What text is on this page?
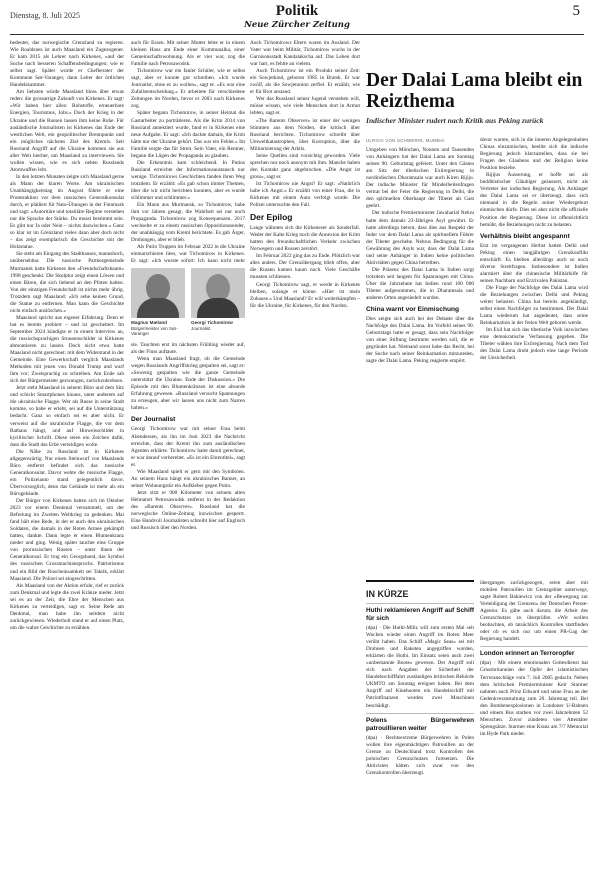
Dienstag, 8. Juli 2025	Politik
Neue Zürcher Zeitung
5

bedeutet, das norwegische Grenzland zu regieren. Wie Roaldsnes ist auch Maasland ein Zugezogener. Er kam 2015 als Lehrer nach Kirkenes, «auf der Suche nach besseren Schaffensbedingungen; wie er selbst sagt. Später wurde er Chefberater der Kommune Sør-Varanger, dann Leiter der örtlichen Handelskammer.

Am liebsten würde Maasland bloss über etwas reden: die grossartige Zukunft von Kirkenes. Er sagt: «Wir haben hier alles: Rohstoffe, erneuerbare Energien, Tourismus, Jobs.» Doch der Krieg in der Ukraine und die Russen lassen ihm keine Ruhe. Für ausländische Journalisten ist Kirkenes das Ende der westlichen Welt, ein geopolitischer Brennpunkt und ein mögliches nächstes Ziel des Kremls. Seit Russland Angriff auf die Ukraine kommen sie aus aller Welt hierher, um Maasland zu interviewen. Sie wollen wissen, wie es sich neben Russlands Atomwaffen lebt.

In den letzten Monaten zeigte sich Maasland gerne als Mann der klaren Worte. Am ukrainischen Unabhängigkeitstag im August führte er eine Protestaktion vor dem russischen Generalkonsulat durch, er plädiert für Nato-Übungen in der Finnmark und sagt: «Autoritäre und totalitäre Regime verstehen nur die Sprache der Stärke. Du musst bestimmt sein. Es gibt nur Ja oder Nein – nichts dazwischen.» Ganz so klar ist im Grenzland vieles dann aber doch nicht – das zeigt exemplarisch die Geschichte mit der Holzstatue.

Sie steht am Eingang des Stadthauses, mannshoch, unübersehbar. Die russische Partnergemeinde Murmansk hatte Kirkenes den «Freundschaftsbaum» 1998 geschenkt. Die Skulptur zeigt einen Löwen und einen Bären, die sich liebend an den Pfoten halten. Von der einstigen Freundschaft ist nichts mehr übrig. Trotzdem sagt Maasland: «Ich sehe keinen Grund, die Statue zu entfernen. Man kann die Geschichte nicht einfach auslöschen.»

Maasland spricht aus eigener Erfahrung. Denn er hat es bereits probiert – und ist gescheitert. Im September 2024 kündigte er in einem Interview an, die russischsprachigen Strassenschilder in Kirkenes abmontieren zu lassen. Doch nicht etwa hatte Maasland nicht gerechnet: mit dem Widerstand in der Gemeinde. Eine Gewerkschaft verglich Maaslands Methoden mit jenen von Donald Trump und warf ihm vor: Zweisprachig zu schreiben. Am Ende sah sich der Bürgermeister gezwungen, zurückzukrebsen.

Jetzt steht Maasland in seinem Büro und dem Sitz und schickt Smartphones hinaus, unter anderem auf die ukrainische Flagge. Wer als Russe in seine Stadt komme, so habe er erlebt, sei auf die Unterstützung bedacht. Ganz so einfach sei es aber nicht. Er verweist auf die ukrainische Flagge, die vor dem Rathaus hängt, und auf Hinweisschilder in kyrillischer Schrift. Diese seien ein Zeichen dafür, dass die Stadt das Erbe verteidigen wolle.

Die Nähe zu Russland ist in Kirkenes allgegenwärtig. Nur einen Steinwurf von Maaslands Büro entfernt befindet sich das russische Generalkonsulat. Davor wehte die russische Flagge, ein Polizeiauto stand gelegentlich davor. Übervorsorglich, denn das Gebäude ist mehr als ein Bürogebäude.

Der Bürger von Kirkenes hatten sich im Oktober 2023 vor einem Denkmal versammelt, um der Befreiung im Zweiten Weltkrieg zu gedenken. Mai fand hält eine Rede, in der er auch den ukrainischen Soldaten, die damals in der Roten Armee gekämpft hatten, dankte. Dann legte er einen Blumenkranz nieder und ging. Wenig später tauchte eine Gruppe von prorussischen Russen – unter ihnen der Generalkonsul. Er trug ein Georgsband, das Symbol des russischen Grossmachtanspruchs. Patriotismus und ein Bild der Buscheinsamkeit sei Taktik, erklärt Maasland. Die Polizei sei eingeschritten.

Als Maasland von der Aktion erfuhr, rief er zurück zum Denkmal und legte die zwei Kränze nieder. Jetzt sei es an der Zeit, die Ehre der Menschen aus Kirkenes zu verteidigen, sagt er. Seine Rede am Denkmal, man habe ihn seitdem nicht zurückgewiesen. Wiederholt stand er auf einen Platz, um die wahre Geschichte zu erzählen.

auch für Essen. Mit seiner Mutter lebte er in einem kleinen Haus am Ende einer Kommunalka, einer Gemeinschaftswohnung. Als er vier war, zog die Familie nach Petrosawodsk.

Tichomirow war ein fauler Schüler, wie er selbst sagt, aber er konnte gut schreiben. «Ich wurde Journalist, ohne es zu wollen», sagt er. «Es war eine Zufallsentscheidung.» Er arbeitete für verschiedene Zeitungen im Norden, bevor er 2003 nach Kirkenes zog.

Später begann Tichomirow, in seiner Heimat die Gastarbeiter zu porträtieren. Als die Krim 2014 von Russland annektiert wurde, fand er in Kirkenes eine neue Aufgabe. Er sagt: «Ich dachte damals, die Krim hätte nur der Ukraine gehört. Das war ein Fehler.» Im Familie sorgte das für Streit. Sein Vater, ein Rentner, begann die Lügen der Propaganda zu glauben.

Die Erkenntnis kam schleichend. In Putins Russland erreichte der Informationsaustausch nur wenige. Tichomirows Geschichten fanden ihren Weg trotzdem. Er erzählt: «Es gab schon immer Themen, über die wir nicht berichten konnten, aber es wurde schlimmer und schlimmer.»

Ein Mann aus Murmansk, so Tichomirow, habe ihm vor Jahren gesagt, die Wahrheit sei nur noch Propaganda. Tichomirow zog Konsequenzen. 2017 wechselte er zu einem russischen Oppositionssender, der unabhängig vom Kreml berichtete. Es gab Ärger, Drohungen, aber er blieb.

Als Putin Truppen im Februar 2022 in die Ukraine einmarschieren liess, war Tichomirow in Kirkenes. Er sagt: «Ich wusste sofort: Ich kann nicht mehr

Magnus Mæland
Bürgermeister von Sør-Varanger
Georgi Tichomirow
Journalist

sie. Tauchten erst im nächsten Frühling wieder auf, als der Fluss auftaute.

Wenn man Maasland fragt, ob die Gemeinde wegen Russlands Angriffskrieg gespalten sei, sagt er: «Sowenig gespalten wie die ganze Gemeinde unterstützt die Ukraine. Ende der Diskussion.» Die Episode mit den Blumenkränzen ist eine absurde Erfahrung gewesen. «Russland versucht Spannungen zu erzeugen, aber wir lassen uns nicht zum Narren halten.»

Der Journalist

Georgi Tichomirow war mit seiner Frau beim Abendessen, als ihn im Juni 2023 die Nachricht erreichte, dass der Kreml ihn zum ausländischen Agenten erklärte. Tichomirow hatte damit gerechnet, er war darauf vorbereitet. «Es ist ein Ehrentitel», sagt er.

Wie Maasland spielt er gern mit den Symbolen. An seinem Haus hängt ein ukrainisches Banner, an seiner Wohnungstür ein Aufkleber gegen Putin.

Jetzt sitzt er 900 Kilometer von seinem alten Heimatort Petrosawodsk entfernt in der Redaktion des «Barents Observer». Russland hat die norwegische Online-Zeitung inzwischen gesperrt. Eine Handvoll Journalisten schreibt hier auf Englisch und Russisch über den Norden.

Auch Tichomirows Eltern waren im Ausland. Der Vater war beim Militär, Tichomirow wuchs in der Garnisonsstadt Kandalakscha auf. Das Leben dort war hart, es fehlte an vielem.

Auch Tichomirow ist ein Produkt seiner Zeit: ein Sowjetkind, geboren 1985 in Bratsk. Er war zwölf, als die Sowjetunion zerfiel. Er erzählt, wie er für Brot anstand.

Wer das Russland seiner Jugend verstehen will, müsse wissen, wie viele Menschen dort in Armut lebten, sagt er.

«The Barents Observer» ist einer der wenigen Stimmen aus dem Norden, die kritisch über Russland berichten. Tichomirow schreibt über Umweltkatastrophen, über Korruption, über die Militarisierung der Arktis.

Seine Quellen sind vorsichtig geworden. Viele sprechen nur noch anonym mit ihm. Manche haben den Kontakt ganz abgebrochen. «Die Angst ist gross», sagt er.

Ist Tichomirow nie Angst? Er sagt: «Natürlich habe ich Angst.» Er erzählt von einer Frau, die in Kirkenes mit einem Auto verfolgt wurde. Die Polizei untersuchte den Fall.

Der Epilog

Lange wähnten sich die Kirkeneser als Sonderfall. Weder der Kalte Krieg noch die Annexion der Krim hatten den freundschaftlichen Verkehr zwischen Norwegern und Russen zerstört.

Im Februar 2022 ging das zu Ende. Plötzlich war alles anders. Der Grenzübergang blieb offen, aber die Russen kamen kaum noch. Viele Geschäfte mussten schliessen.

Georgi Tichomirow sagt, er werde in Kirkenes bleiben, solange er könne. «Hier ist mein Zuhause.» Und Maasland? Er will weiterkämpfen – für die Ukraine, für Kirkenes, für den Norden.

Der Dalai Lama bleibt ein Reizthema
Indischer Minister rudert nach Kritik aus Peking zurück
ULRICH VON SCHWERIN, MUMBAI

Umgeben von Mönchen, Nonnen und Tausenden von Anhängern hat der Dalai Lama am Sonntag seinen 90. Geburtstag gefeiert. Unter den Gästen am Sitz der tibetischen Exilregierung in nordindischen Dharamsala war auch Kiren Rijiju. Der indische Minister für Minderheitenfragen vertrat bei der Feier die Regierung in Delhi, die den spirituellen Oberhaupt der Tibeter als Gast geehrt.

Der indische Premierminister Jawaharlal Nehru hatte dem damals 23-Jährigen Asyl gewährt. Er hatte allerdings betont, dass dies aus Respekt der Inder vor dem Dalai Lama als spirituellem Führer der Tibeter geschehe. Nehrus Bedingung für die Gewährung des Asyls war, dass der Dalai Lama und seine Anhänger in Indien keine politischen Aktivitäten gegen China betreiben.

Die Präsenz des Dalai Lama in Indien sorgt trotzdem seit langem für Spannungen mit China. Über die Jahrzehnte hat Indien rund 100 000 Tibeter aufgenommen, die in Dharamsala und anderen Orten angesiedelt wurden.

China warnt vor Einmischung

Dies zeigte sich auch bei der Debatte über die Nachfolge des Dalai Lama. Im Vorfeld seines 90. Geburtstags hatte er gesagt, dass sein Nachfolger von einer Stiftung bestimmt werden soll, die er gegründet hat. Niemand sonst habe das Recht, bei der Suche nach seiner Reinkarnation mitzureden, sagte der Dalai Lama. Peking reagierte empört.

davor warnte, sich in die inneren Angelegenheiten Chinas einzumischen, beeilte sich die indische Regierung jedoch klarzustellen, dass sie bei Fragen des Glaubens und der Religion keine Position beziehe.

Rijijus Äusserung, er hoffe sei als buddhistischer Gläubiger geäussert, nicht als Vertreter der indischen Regierung. Als Anhänger des Dalai Lama sei er überzeugt, dass sich niemand in die Regeln seiner Wiedergeburt einmischen dürfe. Dies sei aber nicht die offizielle Position der Regierung. Diese ist offensichtlich bemüht, die Beziehungen nicht zu belasten.

Verhältnis bleibt angespannt

Erst im vergangenen Herbst hatten Delhi und Peking einen langjährigen Grenzkonflikt entschärft. Es bleiben allerdings auch so noch diverse Streitfragen. Insbesondere ist Indien alarmiert über die chinesische Militärhilfe für seinen Nachbarn und Erzrivalen Pakistan.

Die Frage der Nachfolge des Dalai Lama wird die Beziehungen zwischen Delhi und Peking weiter belasten. China hat bereits angekündigt, selbst einen Nachfolger zu bestimmen. Der Dalai Lama wiederum hat angedeutet, dass seine Reinkarnation in der freien Welt geboren werde.

Im Exil hat sich das tibetische Volk inzwischen eine demokratische Verfassung gegeben. Die Tibeter wählen ihre Exilregierung. Nach dem Tod des Dalai Lama droht jedoch eine lange Periode der Unsicherheit.

IN KÜRZE
Huthi reklamieren Angriff auf Schiff für sich

(dpa) · Die Huthi-Miliz will zum ersten Mal seit Wochen wieder einen Angriff im Roten Meer verübt haben. Das Schiff «Magic Seas» sei mit Drohnen und Raketen angegriffen worden, erklärten die Huthi. Im Einsatz seien auch zwei «unbemannte Boote» gewesen. Der Angriff soll sich nach Angaben der Sicherheit der Handelsschifffahrt zuständigen britischen Behörde UKMTO am Sonntag ereignet haben. Bei dem Angriff auf Kinehooten ein Handelsschiff mit Patriotfinanzen wurden zwei Maschinen beschädigt.

Polens Bürgerwehren patrouillieren weiter

(dpa) · Rechtsextreme Bürgerwehren in Polen wollen ihre eigenmächtigen Patrouillen an der Grenze zu Deutschland trotz Kontrollen des polnischen Grenzschutzes fortsetzen. Die Aktivisten hätten sich zwar von den Grenzkontrollen überzeugt.

übergangen zurückgezogen, seien aber mit mobilen Patrouillen im Grenzgebiet unterwegs, sagte Robert Bakiewicz von der «Bewegung zur Verteidigung der Grenzen» der Deutschen Presse-Agentur. Es gäbe auch darum, die Arbeit des Grenzschutzes zu überprüfen. «Wir wollen beobachten, ob tatsächlich Kontrollen stattfinden oder ob es sich nur um einen PR-Gag der Regierung handelt.

London erinnert an Terroropfer

(dpa) · Mit einem emotionalen Gottesdienst hat Grossbritannien der Opfer der islamistischen Terroranschläge vom 7. Juli 2005 gedacht. Neben dem britischen Premierminister Keir Starmer nahmen auch Prinz Edward und seine Frau an der Gedenkveranstaltung zum 20. Jahrestag teil. Bei den Bombenexplosionen in Londoner U-Bahnen und einem Bus starben vor zwei Jahrzehnten 52 Menschen. Zuvor zündeten vier Attentäter Sprengsätze. Starmer eine Kranz am 7/7 Memorial im Hyde Park nieder.
